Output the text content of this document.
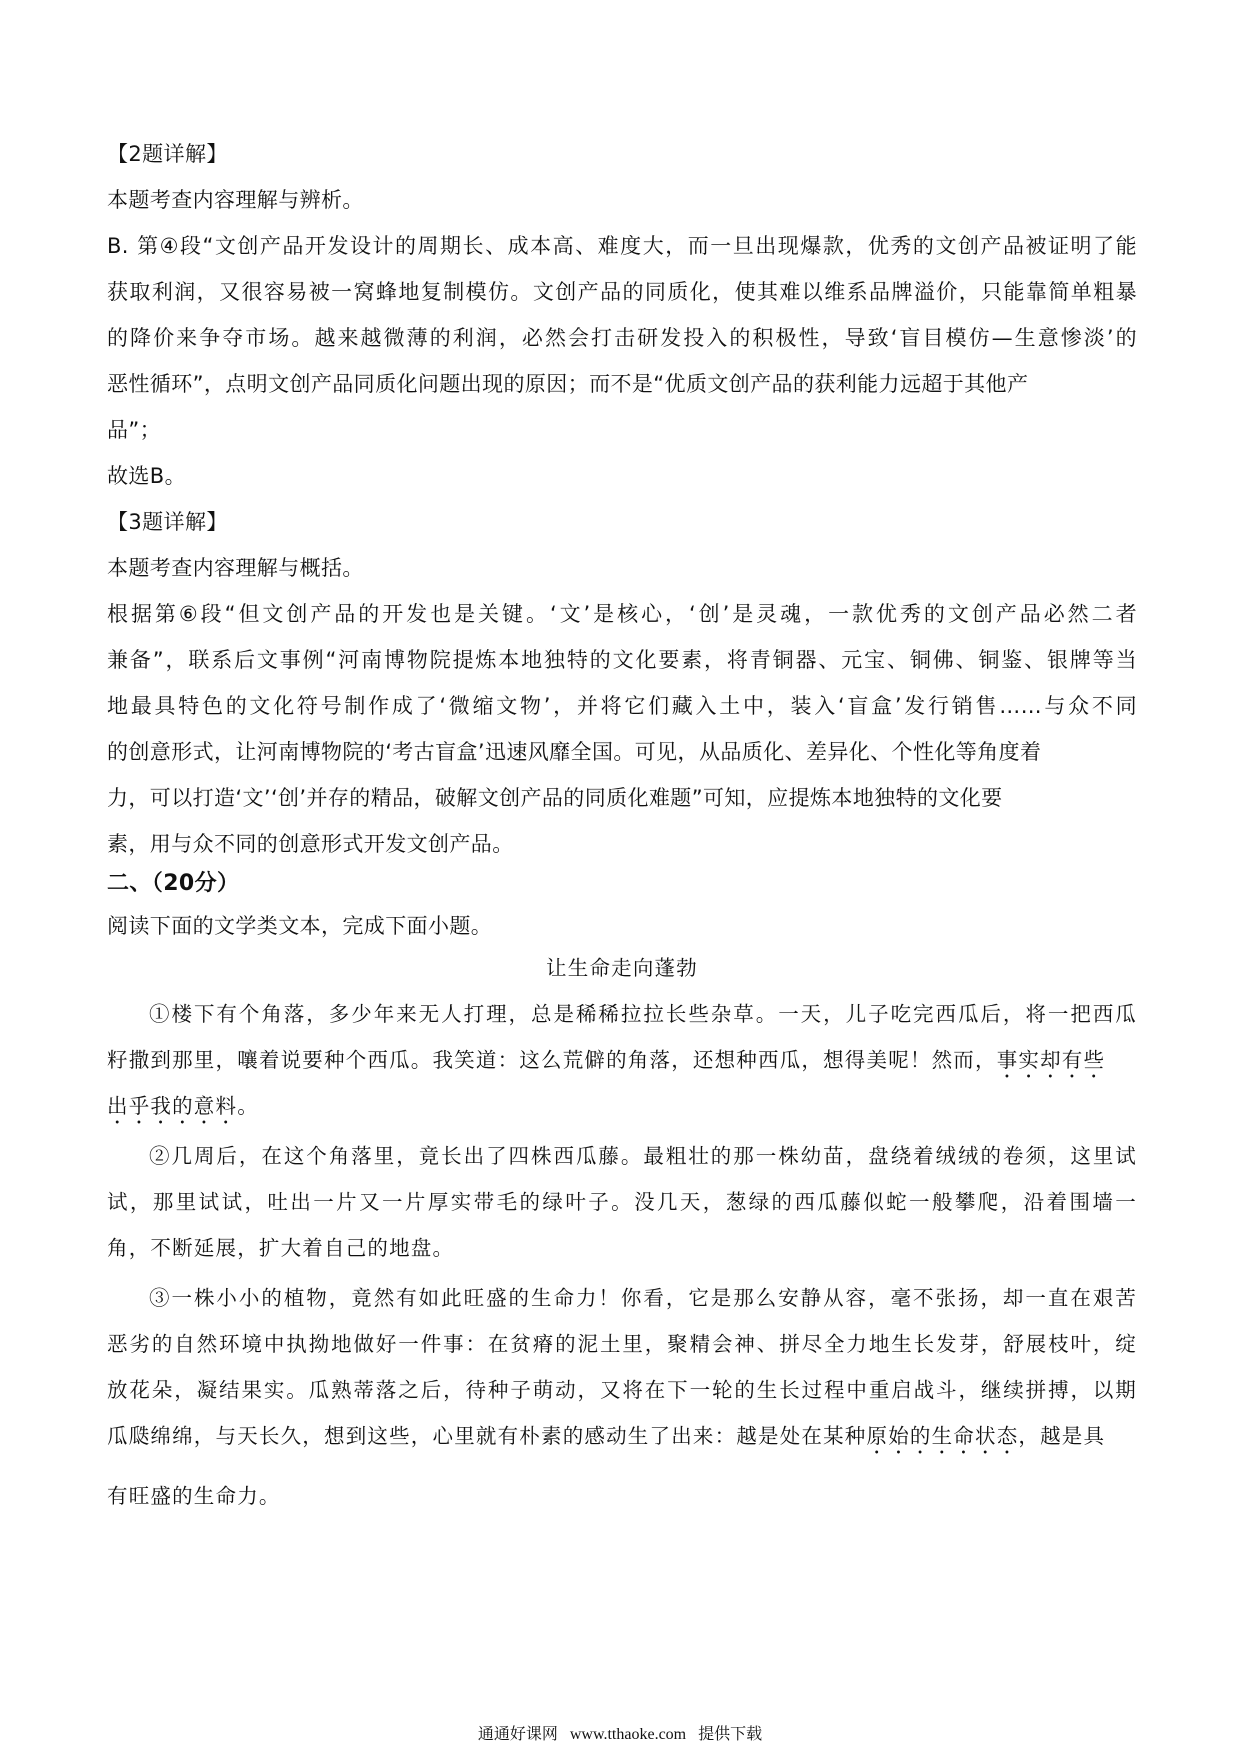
【2题详解】
本题考查内容理解与辨析。
B. 第④段“文创产品开发设计的周期长、成本高、难度大，而一旦出现爆款，优秀的文创产品被证明了能
获取利润，又很容易被一窝蜂地复制模仿。文创产品的同质化，使其难以维系品牌溢价，只能靠简单粗暴
的降价来争夺市场。越来越微薄的利润，必然会打击研发投入的积极性，导致‘盲目模仿—生意惨淡’的
恶性循环”，点明文创产品同质化问题出现的原因；而不是“优质文创产品的获利能力远超于其他产
品”；
故选B。
【3题详解】
本题考查内容理解与概括。
根据第⑥段“但文创产品的开发也是关键。‘文’是核心，‘创’是灵魂，一款优秀的文创产品必然二者
兼备”，联系后文事例“河南博物院提炼本地独特的文化要素，将青铜器、元宝、铜佛、铜鉴、银牌等当
地最具特色的文化符号制作成了‘微缩文物’，并将它们藏入土中，装入‘盲盒’发行销售……与众不同
的创意形式，让河南博物院的‘考古盲盒’迅速风靡全国。可见，从品质化、差异化、个性化等角度着
力，可以打造‘文’‘创’并存的精品，破解文创产品的同质化难题”可知，应提炼本地独特的文化要
素，用与众不同的创意形式开发文创产品。
二、（20分）
阅读下面的文学类文本，完成下面小题。
让生命走向蓬勃
①楼下有个角落，多少年来无人打理，总是稀稀拉拉长些杂草。一天，儿子吃完西瓜后，将一把西瓜
籽撒到那里，嚷着说要种个西瓜。我笑道：这么荒僻的角落，还想种西瓜，想得美呢！然而，事实却有些
出乎我的意料。
②几周后，在这个角落里，竟长出了四株西瓜藤。最粗壮的那一株幼苗，盘绕着绒绒的卷须，这里试
试，那里试试，吐出一片又一片厚实带毛的绿叶子。没几天，葱绿的西瓜藤似蛇一般攀爬，沿着围墙一
角，不断延展，扩大着自己的地盘。
③一株小小的植物，竟然有如此旺盛的生命力！你看，它是那么安静从容，毫不张扬，却一直在艰苦
恶劣的自然环境中执拗地做好一件事：在贫瘠的泥土里，聚精会神、拼尽全力地生长发芽，舒展枝叶，绽
放花朵，凝结果实。瓜熟蒂落之后，待种子萌动，又将在下一轮的生长过程中重启战斗，继续拼搏，以期
瓜瓞绵绵，与天长久，想到这些，心里就有朴素的感动生了出来：越是处在某种原始的生命状态，越是具
有旺盛的生命力。
通通好课网 www.tthaoke.com 提供下载
